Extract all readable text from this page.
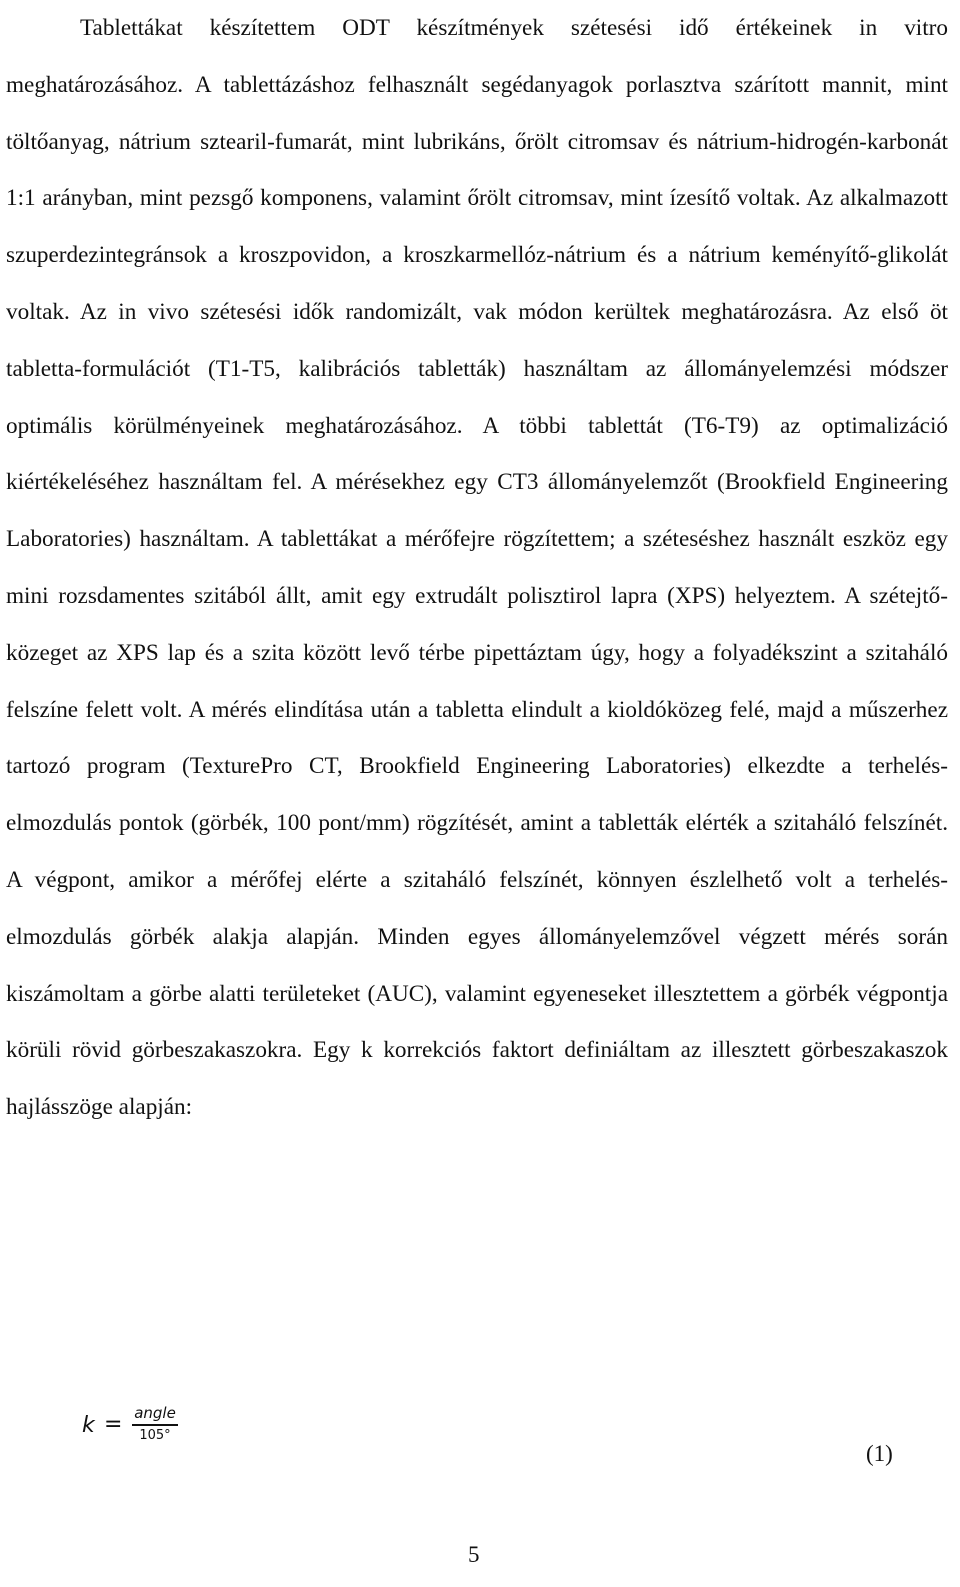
Tablettákat készítettem ODT készítmények szétesési idő értékeinek in vitro meghatározásához. A tablettázáshoz felhasznált segédanyagok porlasztva szárított mannit, mint töltőanyag, nátrium sztearil-fumarát, mint lubrikáns, őrölt citromsav és nátrium-hidrogén-karbonát 1:1 arányban, mint pezsgő komponens, valamint őrölt citromsav, mint ízesítő voltak. Az alkalmazott szuperdezintegránsok a kroszpovidon, a kroszkarmellóz-nátrium és a nátrium keményítő-glikolát voltak. Az in vivo szétesési idők randomizált, vak módon kerültek meghatározásra. Az első öt tabletta-formulációt (T1-T5, kalibrációs tabletták) használtam az állományelemzési módszer optimális körülményeinek meghatározásához. A többi tablettát (T6-T9) az optimalizáció kiértékeléséhez használtam fel. A mérésekhez egy CT3 állományelemzőt (Brookfield Engineering Laboratories) használtam. A tablettákat a mérőfejre rögzítettem; a széteséshez használt eszköz egy mini rozsdamentes szitából állt, amit egy extrudált polisztirol lapra (XPS) helyeztem. A szétejtő-közeget az XPS lap és a szita között levő térbe pipettáztam úgy, hogy a folyadékszint a szitaháló felszíne felett volt. A mérés elindítása után a tabletta elindult a kioldóközeg felé, majd a műszerhez tartozó program (TexturePro CT, Brookfield Engineering Laboratories) elkezdte a terhelés-elmozdulás pontok (görbék, 100 pont/mm) rögzítését, amint a tabletták elérték a szitaháló felszínét. A végpont, amikor a mérőfej elérte a szitaháló felszínét, könnyen észlelhető volt a terhelés-elmozdulás görbék alakja alapján. Minden egyes állományelemzővel végzett mérés során kiszámoltam a görbe alatti területeket (AUC), valamint egyeneseket illesztettem a görbék végpontja körüli rövid görbeszakaszokra. Egy k korrekciós faktort definiáltam az illesztett görbeszakaszok hajlásszöge alapján:

k = angle
105°
(1)
5
